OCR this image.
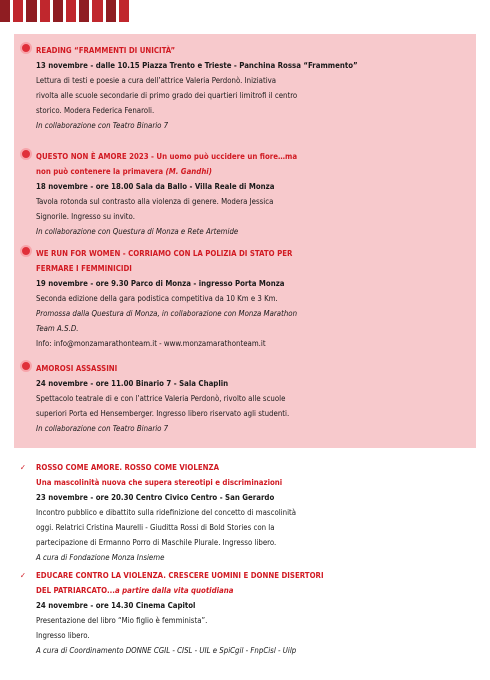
READING “FRAMMENTI DI UNICITÀ”
13 novembre - dalle 10.15 Piazza Trento e Trieste - Panchina Rossa “Frammento”
Lettura di testi e poesie a cura dell’attrice Valeria Perdonò. Iniziativa
rivolta alle scuole secondarie di primo grado dei quartieri limitrofi il centro
storico. Modera Federica Fenaroli.
In collaborazione con Teatro Binario 7
QUESTO NON È AMORE 2023 - Un uomo può uccidere un fiore…ma
non può contenere la primavera (M. Gandhi)
18 novembre - ore 18.00 Sala da Ballo - Villa Reale di Monza
Tavola rotonda sul contrasto alla violenza di genere. Modera Jessica
Signorile. Ingresso su invito.
In collaborazione con Questura di Monza e Rete Artemide
WE RUN FOR WOMEN - CORRIAMO CON LA POLIZIA DI STATO PER
FERMARE I FEMMINICIDI
19 novembre - ore 9.30 Parco di Monza - ingresso Porta Monza
Seconda edizione della gara podistica competitiva da 10 Km e 3 Km.
Promossa dalla Questura di Monza, in collaborazione con Monza Marathon
Team A.S.D.
Info: info@monzamarathonteam.it - www.monzamarathonteam.it
AMOROSI ASSASSINI
24 novembre - ore 11.00 Binario 7 - Sala Chaplin
Spettacolo teatrale di e con l’attrice Valeria Perdonò, rivolto alle scuole
superiori Porta ed Hensemberger. Ingresso libero riservato agli studenti.
In collaborazione con Teatro Binario 7
✓ ROSSO COME AMORE. ROSSO COME VIOLENZA
Una mascolinità nuova che supera stereotipi e discriminazioni
23 novembre - ore 20.30 Centro Civico Centro - San Gerardo
Incontro pubblico e dibattito sulla ridefinizione del concetto di mascolinità
oggi. Relatrici Cristina Maurelli - Giuditta Rossi di Bold Stories con la
partecipazione di Ermanno Porro di Maschile Plurale. Ingresso libero.
A cura di Fondazione Monza Insieme
✓ EDUCARE CONTRO LA VIOLENZA. CRESCERE UOMINI E DONNE DISERTORI
DEL PATRIARCATO...a partire dalla vita quotidiana
24 novembre - ore 14.30 Cinema Capitol
Presentazione del libro “Mio figlio è femminista”.
Ingresso libero.
A cura di Coordinamento DONNE CGIL - CISL - UIL e SpiCgil - FnpCisl - Uilp
